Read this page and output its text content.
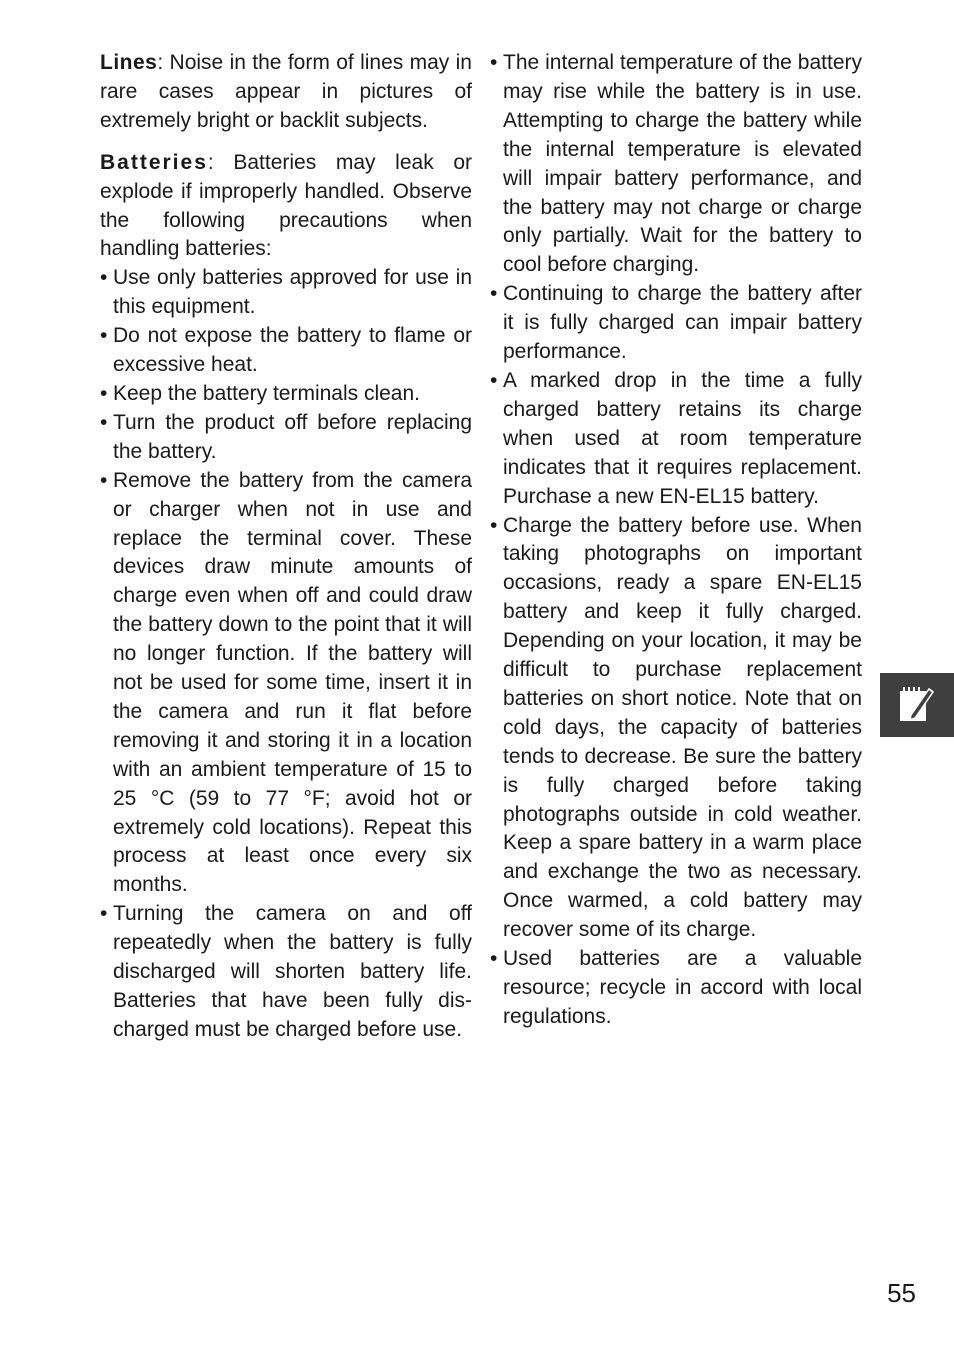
Lines: Noise in the form of lines may in rare cases appear in pictures of extremely bright or backlit subjects.

Batteries: Batteries may leak or explode if improperly handled. Observe the following precautions when handling batteries:

• Use only batteries approved for use in this equipment.
• Do not expose the battery to flame or excessive heat.
• Keep the battery terminals clean.
• Turn the product off before replacing the battery.
• Remove the battery from the camera or charger when not in use and replace the terminal cover. These devices draw minute amounts of charge even when off and could draw the battery down to the point that it will no longer function. If the battery will not be used for some time, insert it in the camera and run it flat before removing it and storing it in a location with an ambient temperature of 15 to 25 °C (59 to 77 °F; avoid hot or extremely cold locations). Repeat this process at least once every six months.
• Turning the camera on and off repeatedly when the battery is fully discharged will shorten battery life. Batteries that have been fully discharged must be charged before use.
• The internal temperature of the battery may rise while the battery is in use. Attempting to charge the battery while the internal temperature is elevated will impair battery performance, and the battery may not charge or charge only partially. Wait for the battery to cool before charging.
• Continuing to charge the battery after it is fully charged can impair battery performance.
• A marked drop in the time a fully charged battery retains its charge when used at room temperature indicates that it requires replacement. Purchase a new EN-EL15 battery.
• Charge the battery before use. When taking photographs on important occasions, ready a spare EN-EL15 battery and keep it fully charged. Depending on your location, it may be difficult to purchase replacement batteries on short notice. Note that on cold days, the capacity of batteries tends to decrease. Be sure the battery is fully charged before taking photographs outside in cold weather. Keep a spare battery in a warm place and exchange the two as necessary. Once warmed, a cold battery may recover some of its charge.
• Used batteries are a valuable resource; recycle in accord with local regulations.
55
